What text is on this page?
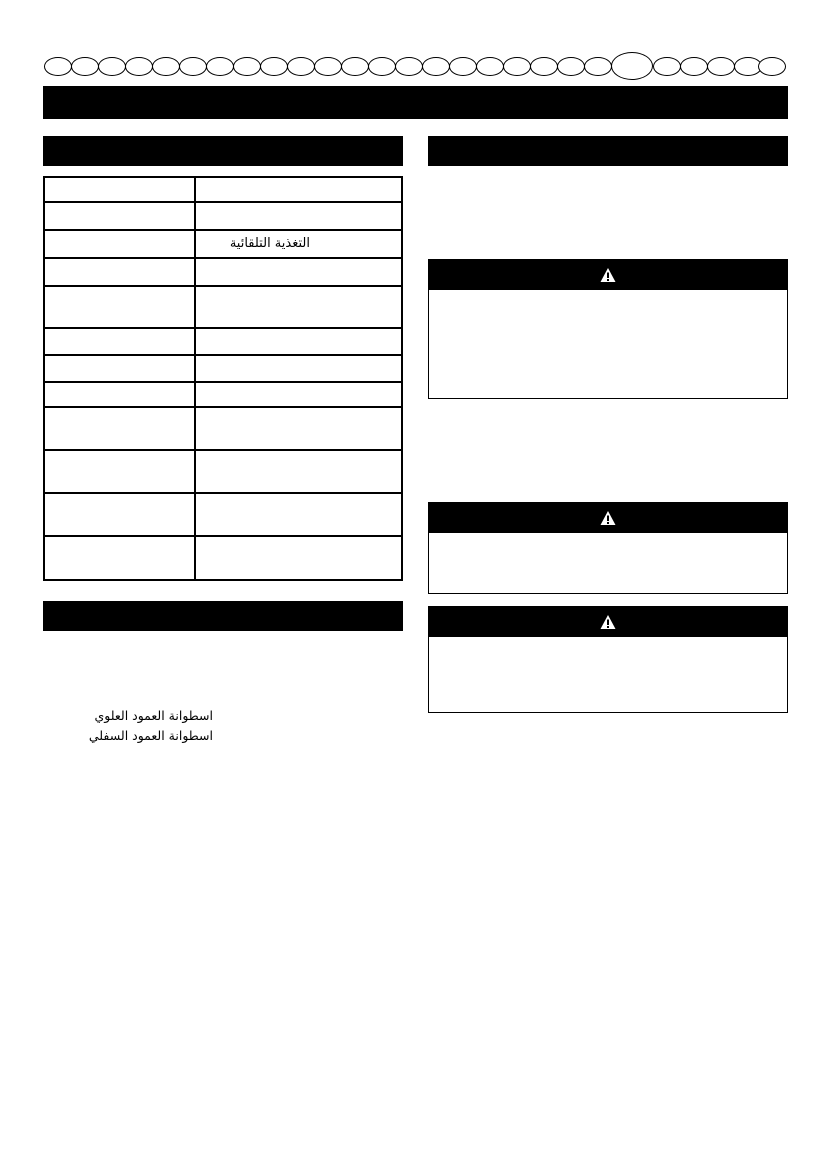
التغذية التلقائية
اسطوانة العمود العلوي
اسطوانة العمود السفلي
